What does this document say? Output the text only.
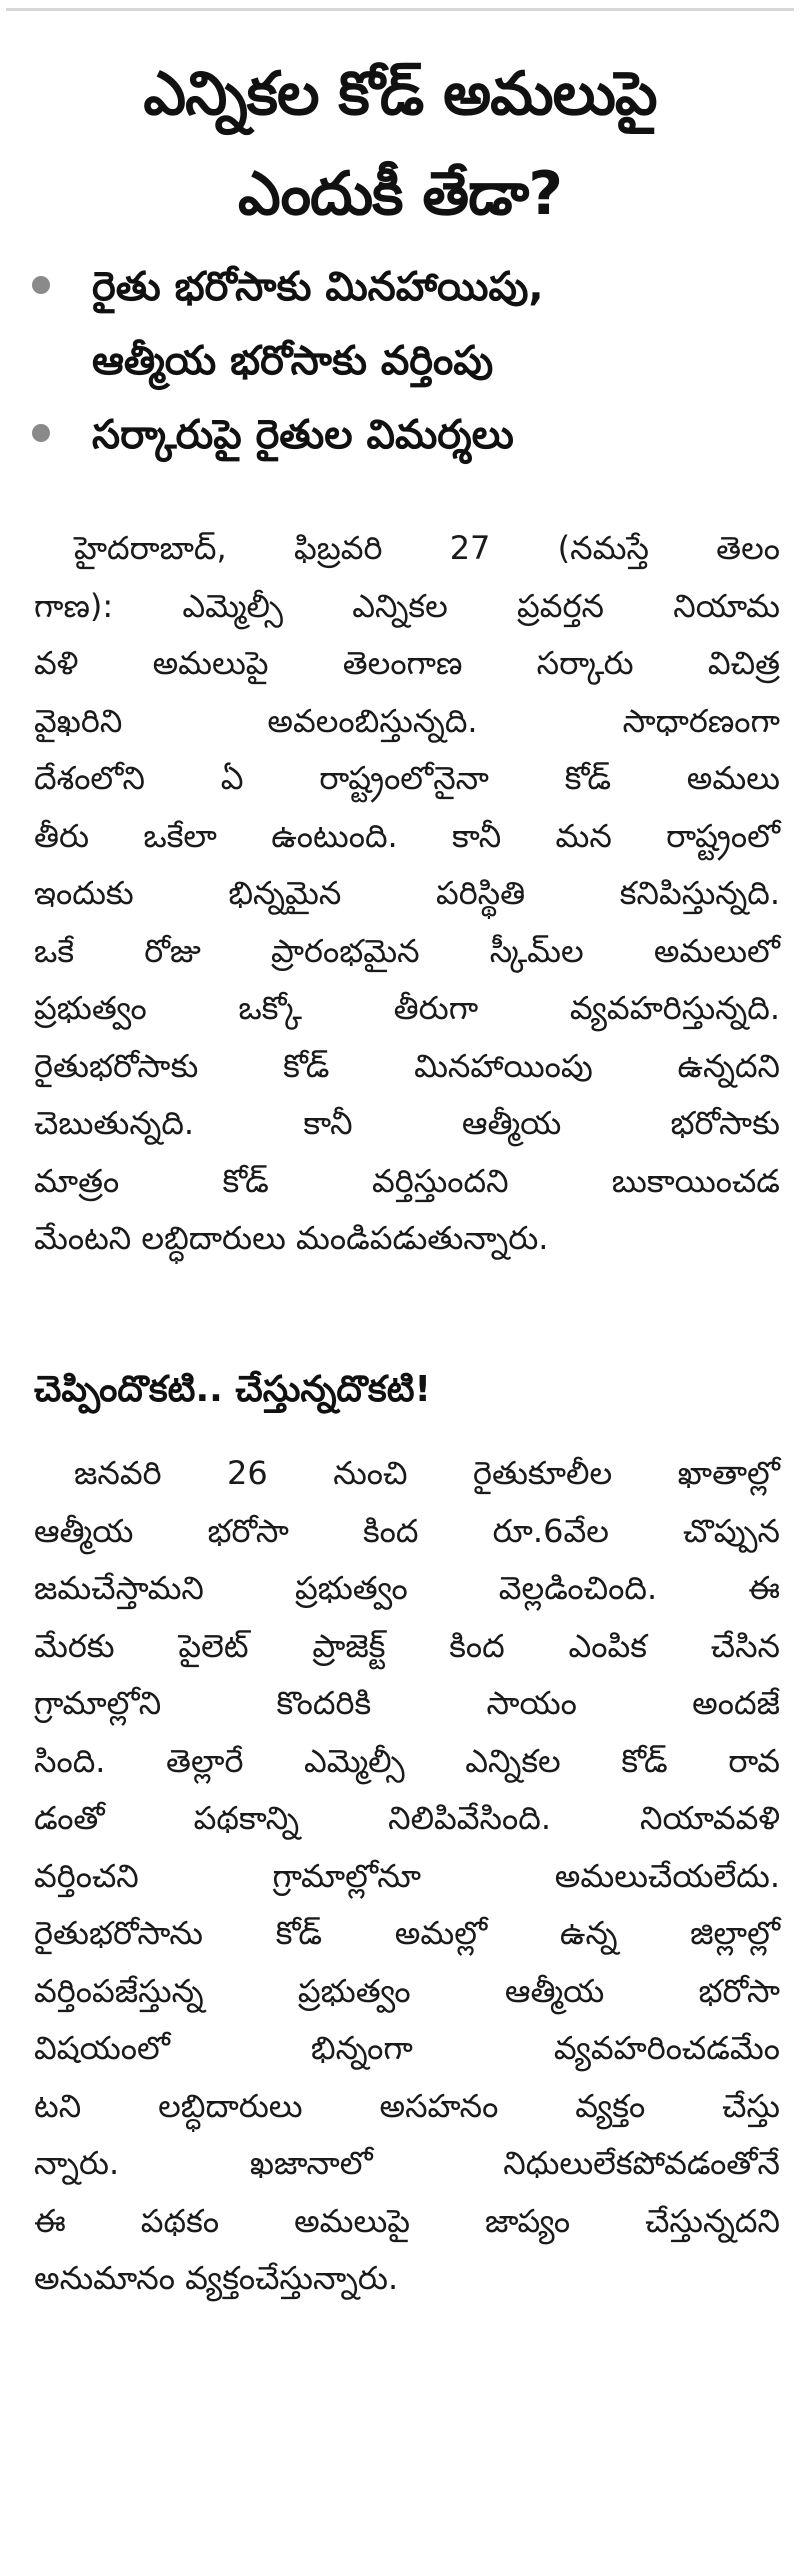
ఎన్నికల కోడ్ అమలుపై
ఎందుకీ తేడా?
రైతు భరోసాకు మినహాయిపు,
ఆత్మీయ భరోసాకు వర్తింపు
సర్కారుపై రైతుల విమర్శలు
హైదరాబాద్, ఫిబ్రవరి 27 (నమస్తే తెలం
గాణ): ఎమ్మెల్సీ ఎన్నికల ప్రవర్తన నియామ
వళి అమలుపై తెలంగాణ సర్కారు విచిత్ర
వైఖరిని అవలంబిస్తున్నది. సాధారణంగా
దేశంలోని ఏ రాష్ట్రంలోనైనా కోడ్ అమలు
తీరు ఒకేలా ఉంటుంది. కానీ మన రాష్ట్రంలో
ఇందుకు భిన్నమైన పరిస్థితి కనిపిస్తున్నది.
ఒకే రోజు ప్రారంభమైన స్కీమ్‌ల అమలులో
ప్రభుత్వం ఒక్కో తీరుగా వ్యవహరిస్తున్నది.
రైతుభరోసాకు కోడ్ మినహాయింపు ఉన్నదని
చెబుతున్నది. కానీ ఆత్మీయ భరోసాకు
మాత్రం కోడ్ వర్తిస్తుందని బుకాయించడ
మేంటని లబ్ధిదారులు మండిపడుతున్నారు.
చెప్పిందొకటి.. చేస్తున్నదొకటి!
జనవరి 26 నుంచి రైతుకూలీల ఖాతాల్లో
ఆత్మీయ భరోసా కింద రూ.6వేల చొప్పున
జమచేస్తామని ప్రభుత్వం వెల్లడించింది. ఈ
మేరకు పైలెట్ ప్రాజెక్ట్ కింద ఎంపిక చేసిన
గ్రామాల్లోని కొందరికి సాయం అందజే
సింది. తెల్లారే ఎమ్మెల్సీ ఎన్నికల కోడ్ రావ
డంతో పథకాన్ని నిలిపివేసింది. నియావవళి
వర్తించని గ్రామాల్లోనూ అమలుచేయలేదు.
రైతుభరోసాను కోడ్ అమల్లో ఉన్న జిల్లాల్లో
వర్తింపజేస్తున్న ప్రభుత్వం ఆత్మీయ భరోసా
విషయంలో భిన్నంగా వ్యవహరించడమేం
టని లబ్ధిదారులు అసహనం వ్యక్తం చేస్తు
న్నారు. ఖజానాలో నిధులులేకపోవడంతోనే
ఈ పథకం అమలుపై జాప్యం చేస్తున్నదని
అనుమానం వ్యక్తంచేస్తున్నారు.
